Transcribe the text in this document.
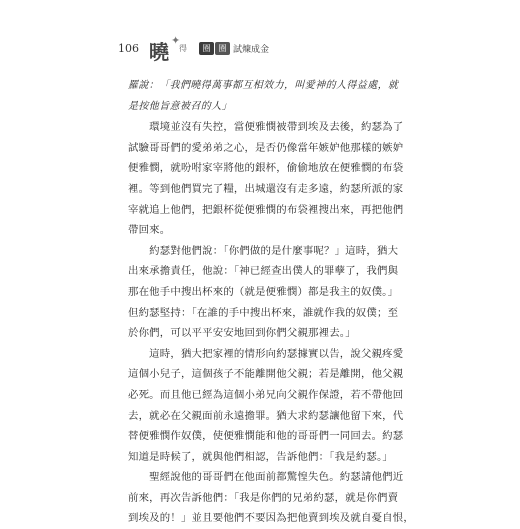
106 曉 ✦
得	圈	圈 試煉成金
羅說：「我們曉得萬事都互相效力，叫愛神的人得益處，就
是按他旨意被召的人」
　　環境並沒有失控，當便雅憫被帶到埃及去後，約瑟為了
試驗哥哥們的愛弟弟之心，是否仍像當年嫉妒他那樣的嫉妒
便雅憫，就吩咐家宰將他的銀杯，偷偷地放在便雅憫的布袋
裡。等到他們買完了糧，出城還沒有走多遠，約瑟所派的家
宰就追上他們，把銀杯從便雅憫的布袋裡搜出來，再把他們
帶回來。
　　約瑟對他們說：「你們做的是什麼事呢？」這時，猶大
出來承擔責任，他說：「神已經查出僕人的罪孽了，我們與
那在他手中搜出杯來的（就是便雅憫）都是我主的奴僕。」
但約瑟堅持：「在誰的手中搜出杯來，誰就作我的奴僕；至
於你們，可以平平安安地回到你們父親那裡去。」
　　這時，猶大把家裡的情形向約瑟據實以告，說父親疼愛
這個小兒子，這個孩子不能離開他父親；若是離開，他父親
必死。而且他已經為這個小弟兄向父親作保證，若不帶他回
去，就必在父親面前永遠擔罪。猶大求約瑟讓他留下來，代
替便雅憫作奴僕，使便雅憫能和他的哥哥們一同回去。約瑟
知道是時候了，就與他們相認，告訴他們：「我是約瑟。」
　　聖經說他的哥哥們在他面前都驚惶失色。約瑟請他們近
前來，再次告訴他們：「我是你們的兄弟約瑟，就是你們賣
到埃及的！」並且要他們不要因為把他賣到埃及就自憂自恨，
